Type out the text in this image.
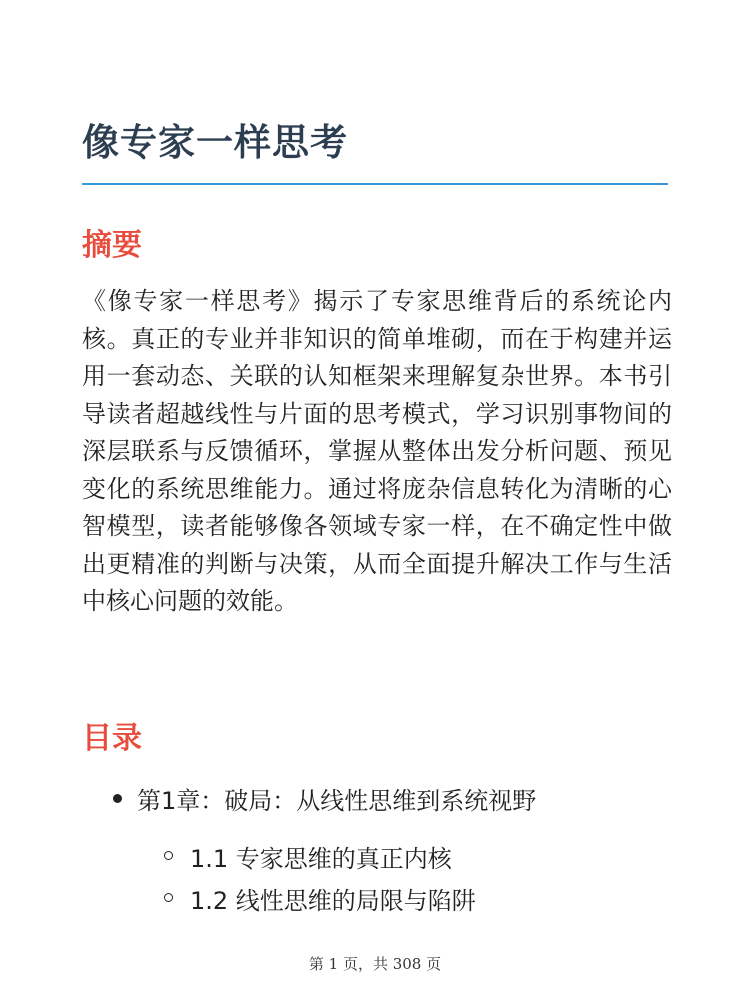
像专家一样思考
摘要

《像专家一样思考》揭示了专家思维背后的系统论内核。真正的专业并非知识的简单堆砌，而在于构建并运用一套动态、关联的认知框架来理解复杂世界。本书引导读者超越线性与片面的思考模式，学习识别事物间的深层联系与反馈循环，掌握从整体出发分析问题、预见变化的系统思维能力。通过将庞杂信息转化为清晰的心智模型，读者能够像各领域专家一样，在不确定性中做出更精准的判断与决策，从而全面提升解决工作与生活中核心问题的效能。

目录
第1章：破局：从线性思维到系统视野
1.1 专家思维的真正内核
1.2 线性思维的局限与陷阱
第 1 页，共 308 页
